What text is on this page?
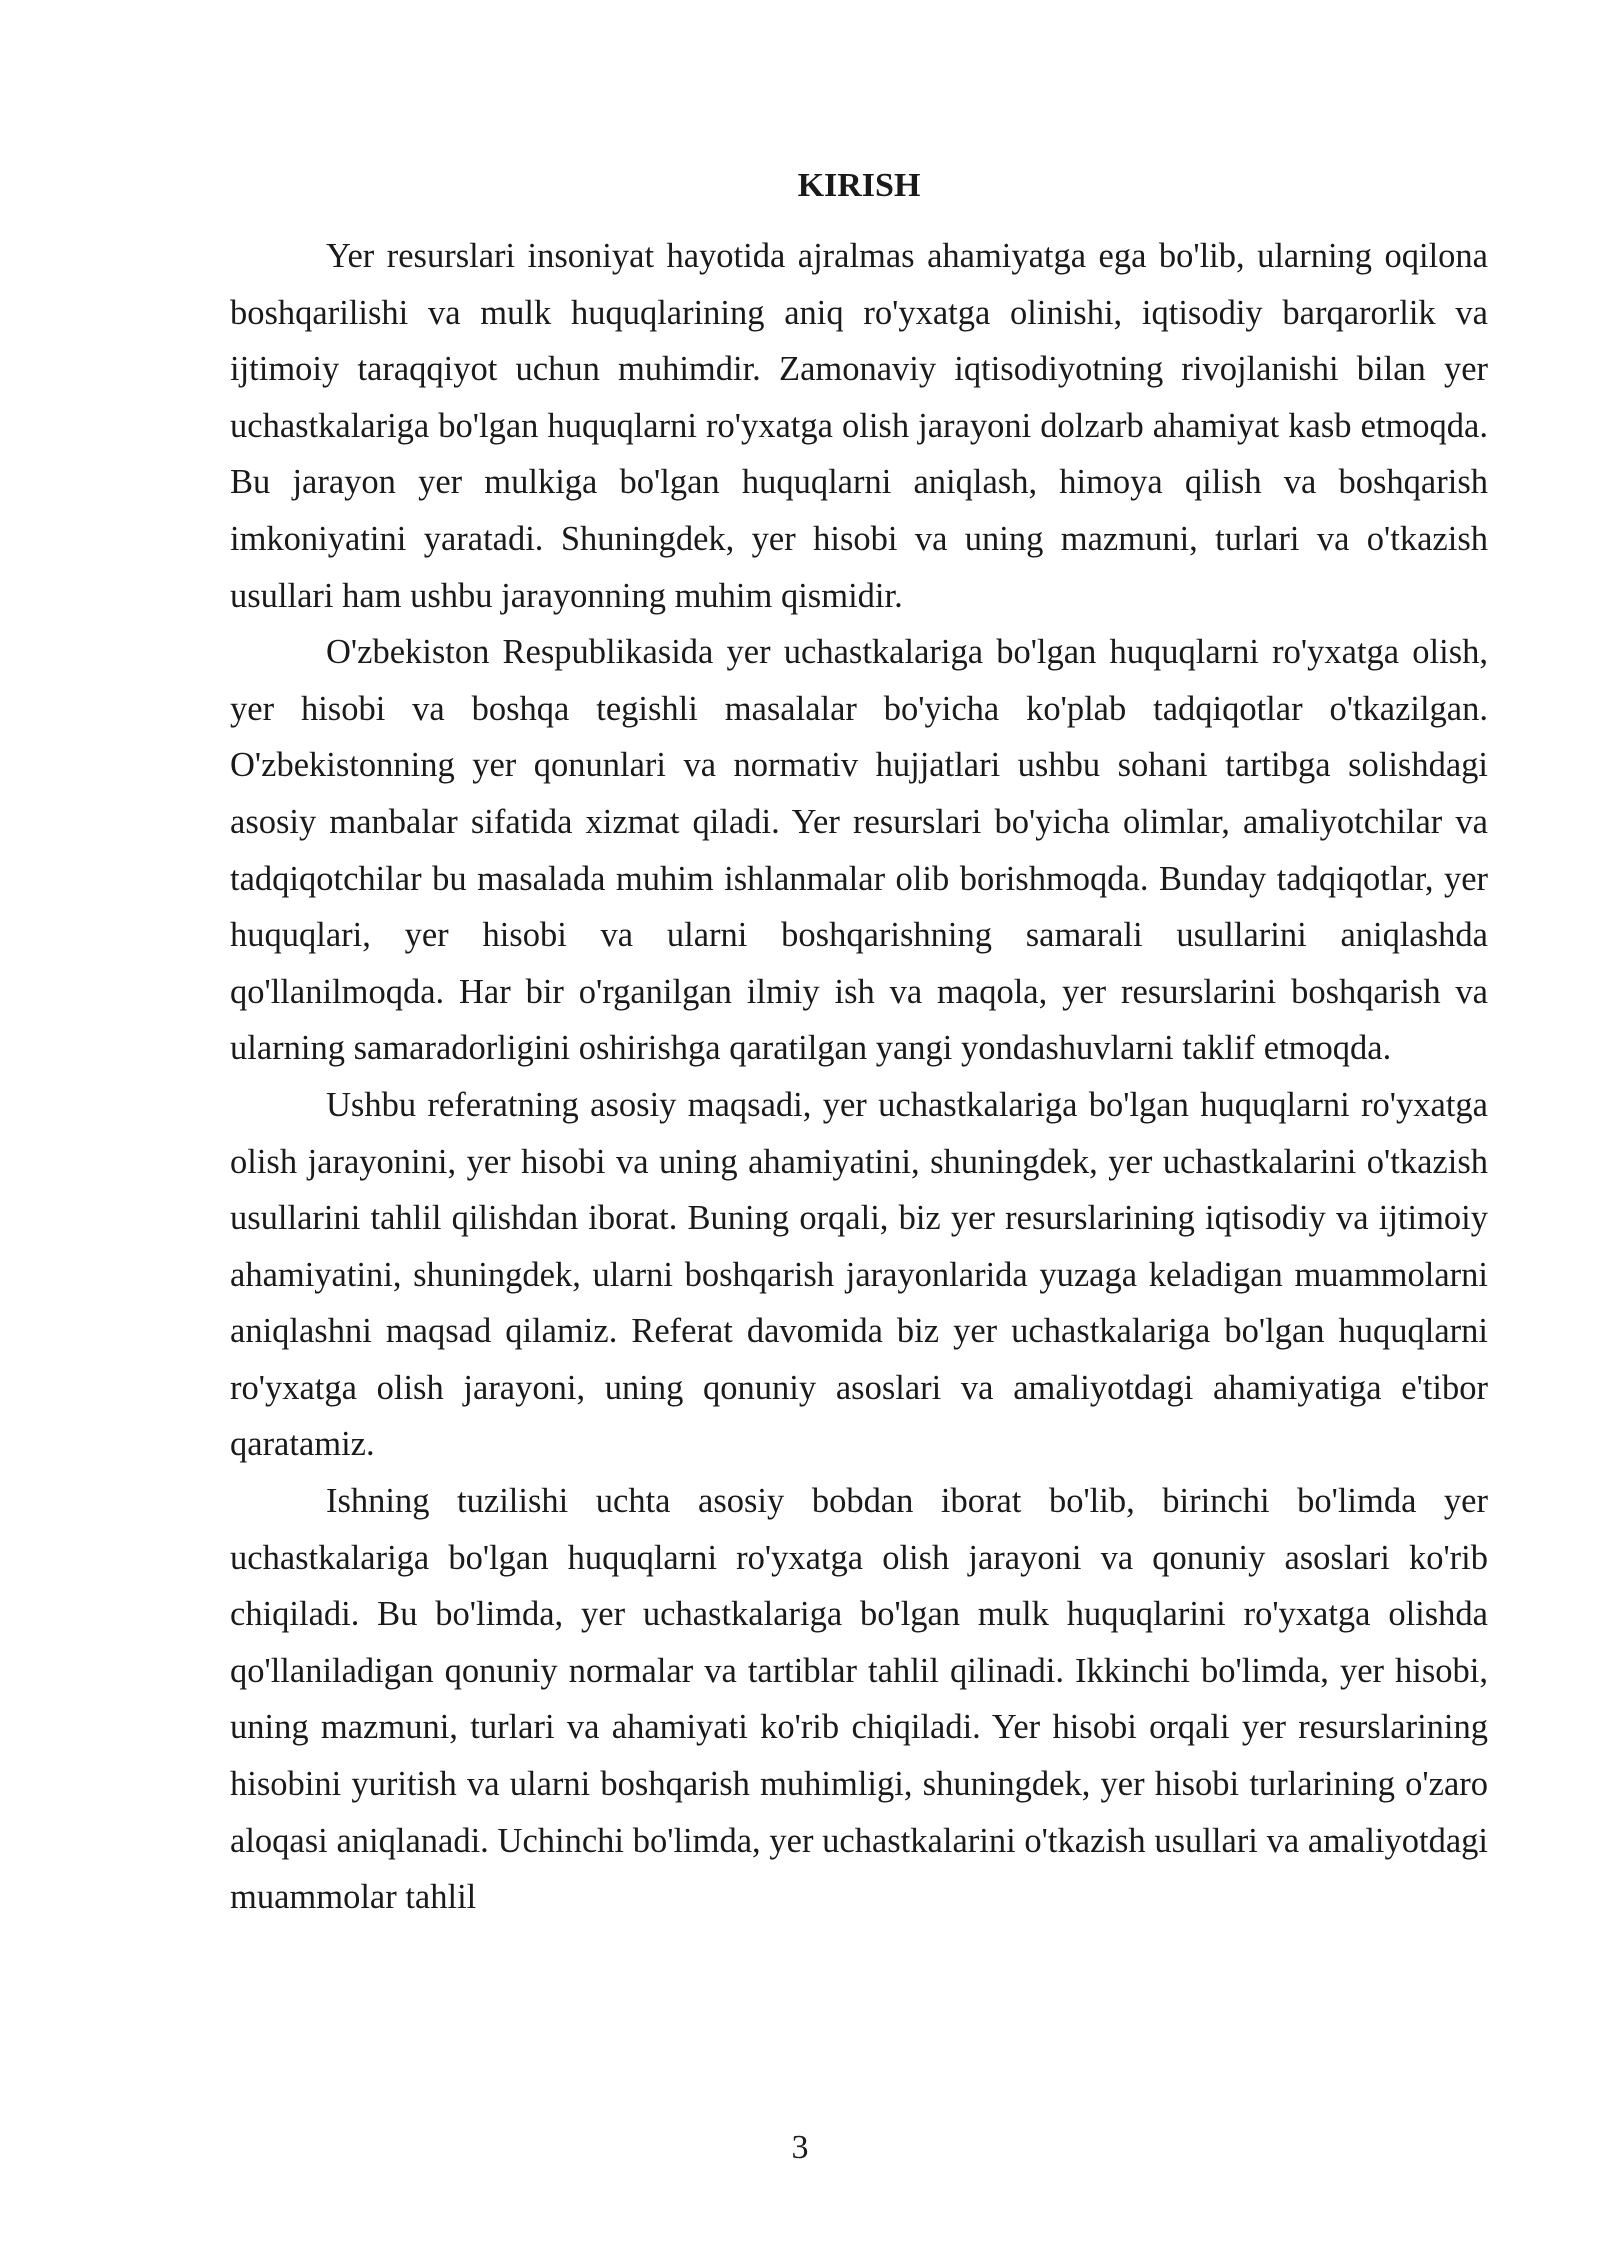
KIRISH

Yer resurslari insoniyat hayotida ajralmas ahamiyatga ega bo'lib, ularning oqilona boshqarilishi va mulk huquqlarining aniq ro'yxatga olinishi, iqtisodiy barqarorlik va ijtimoiy taraqqiyot uchun muhimdir. Zamonaviy iqtisodiyotning rivojlanishi bilan yer uchastkalariga bo'lgan huquqlarni ro'yxatga olish jarayoni dolzarb ahamiyat kasb etmoqda. Bu jarayon yer mulkiga bo'lgan huquqlarni aniqlash, himoya qilish va boshqarish imkoniyatini yaratadi. Shuningdek, yer hisobi va uning mazmuni, turlari va o'tkazish usullari ham ushbu jarayonning muhim qismidir.

O'zbekiston Respublikasida yer uchastkalariga bo'lgan huquqlarni ro'yxatga olish, yer hisobi va boshqa tegishli masalalar bo'yicha ko'plab tadqiqotlar o'tkazilgan. O'zbekistonning yer qonunlari va normativ hujjatlari ushbu sohani tartibga solishdagi asosiy manbalar sifatida xizmat qiladi. Yer resurslari bo'yicha olimlar, amaliyotchilar va tadqiqotchilar bu masalada muhim ishlanmalar olib borishmoqda. Bunday tadqiqotlar, yer huquqlari, yer hisobi va ularni boshqarishning samarali usullarini aniqlashda qo'llanilmoqda. Har bir o'rganilgan ilmiy ish va maqola, yer resurslarini boshqarish va ularning samaradorligini oshirishga qaratilgan yangi yondashuvlarni taklif etmoqda.

Ushbu referatning asosiy maqsadi, yer uchastkalariga bo'lgan huquqlarni ro'yxatga olish jarayonini, yer hisobi va uning ahamiyatini, shuningdek, yer uchastkalarini o'tkazish usullarini tahlil qilishdan iborat. Buning orqali, biz yer resurslarining iqtisodiy va ijtimoiy ahamiyatini, shuningdek, ularni boshqarish jarayonlarida yuzaga keladigan muammolarni aniqlashni maqsad qilamiz. Referat davomida biz yer uchastkalariga bo'lgan huquqlarni ro'yxatga olish jarayoni, uning qonuniy asoslari va amaliyotdagi ahamiyatiga e'tibor qaratamiz.

Ishning tuzilishi uchta asosiy bobdan iborat bo'lib, birinchi bo'limda yer uchastkalariga bo'lgan huquqlarni ro'yxatga olish jarayoni va qonuniy asoslari ko'rib chiqiladi. Bu bo'limda, yer uchastkalariga bo'lgan mulk huquqlarini ro'yxatga olishda qo'llaniladigan qonuniy normalar va tartiblar tahlil qilinadi. Ikkinchi bo'limda, yer hisobi, uning mazmuni, turlari va ahamiyati ko'rib chiqiladi. Yer hisobi orqali yer resurslarining hisobini yuritish va ularni boshqarish muhimligi, shuningdek, yer hisobi turlarining o'zaro aloqasi aniqlanadi. Uchinchi bo'limda, yer uchastkalarini o'tkazish usullari va amaliyotdagi muammolar tahlil

3
